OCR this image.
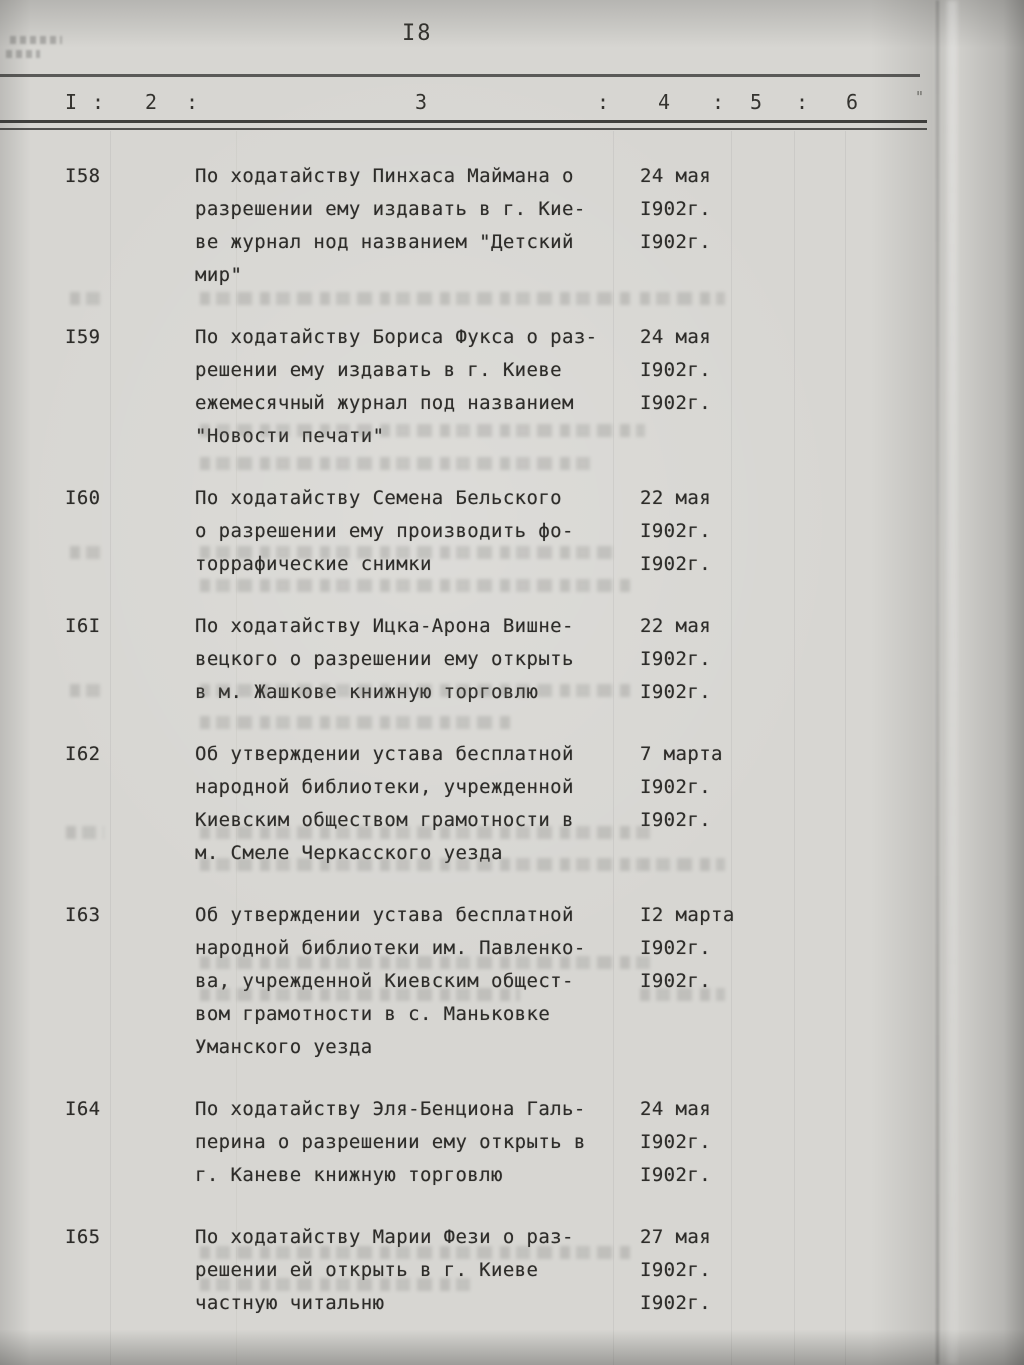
I8
I : 2 :	3	: 4 : 5 : 6	"
I58	По ходатайству Пинхаса Маймана о
разрешении ему издавать в г. Кие-
ве журнал нод названием "Детский
мир"
24 мая
I902г.
I902г.
I59	По ходатайству Бориса Фукса о раз-
решении ему издавать в г. Киеве
ежемесячный журнал под названием
"Новости печати"
24 мая
I902г.
I902г.
I60	По ходатайству Семена Бельского
о разрешении ему производить фо-
торрафические снимки
22 мая
I902г.
I902г.
I6I	По ходатайству Ицка-Арона Вишне-
вецкого о разрешении ему открыть
в м. Жашкове книжную торговлю
22 мая
I902г.
I902г.
I62	Об утверждении устава бесплатной
народной библиотеки, учрежденной
Киевским обществом грамотности в
м. Смеле Черкасского уезда
7 марта
I902г.
I902г.
I63	Об утверждении устава бесплатной
народной библиотеки им. Павленко-
ва, учрежденной Киевским общест-
вом грамотности в с. Маньковке
Уманского уезда
I2 марта
I902г.
I902г.
I64	По ходатайству Эля-Бенциона Галь-
перина о разрешении ему открыть в
г. Каневе книжную торговлю
24 мая
I902г.
I902г.
I65	По ходатайству Марии Фези о раз-
решении ей открыть в г. Киеве
частную читальню
27 мая
I902г.
I902г.
